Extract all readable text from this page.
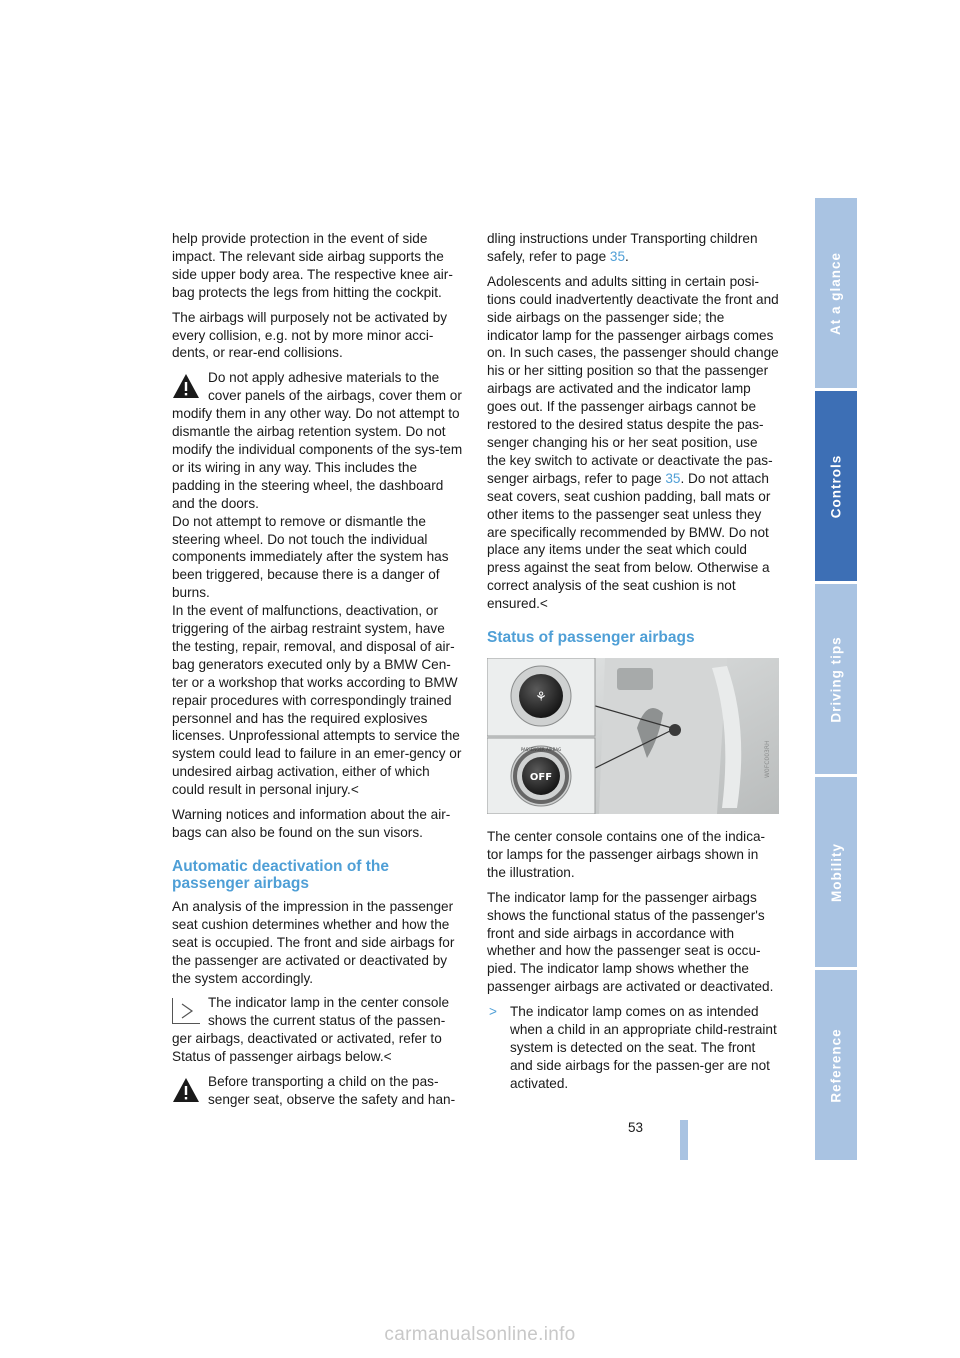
help provide protection in the event of side impact. The relevant side airbag supports the side upper body area. The respective knee air-bag protects the legs from hitting the cockpit.

The airbags will purposely not be activated by every collision, e.g. not by more minor acci-dents, or rear-end collisions.

Do not apply adhesive materials to the cover panels of the airbags, cover them or

modify them in any other way. Do not attempt to dismantle the airbag retention system. Do not modify the individual components of the sys-tem or its wiring in any way. This includes the padding in the steering wheel, the dashboard and the doors.

Do not attempt to remove or dismantle the steering wheel. Do not touch the individual components immediately after the system has been triggered, because there is a danger of burns.

In the event of malfunctions, deactivation, or triggering of the airbag restraint system, have the testing, repair, removal, and disposal of air-bag generators executed only by a BMW Cen-ter or a workshop that works according to BMW repair procedures with correspondingly trained personnel and has the required explosives licenses. Unprofessional attempts to service the system could lead to failure in an emer-gency or undesired airbag activation, either of which could result in personal injury.<

Warning notices and information about the air-bags can also be found on the sun visors.

Automatic deactivation of the passenger airbags

An analysis of the impression in the passenger seat cushion determines whether and how the seat is occupied. The front and side airbags for the passenger are activated or deactivated by the system accordingly.

The indicator lamp in the center console shows the current status of the passen-

ger airbags, deactivated or activated, refer to Status of passenger airbags below.<

Before transporting a child on the pas-senger seat, observe the safety and han-

dling instructions under Transporting children safely, refer to page 35.

Adolescents and adults sitting in certain posi-tions could inadvertently deactivate the front and side airbags on the passenger side; the indicator lamp for the passenger airbags comes on. In such cases, the passenger should change his or her sitting position so that the passenger airbags are activated and the indicator lamp goes out. If the passenger airbags cannot be restored to the desired status despite the pas-senger changing his or her seat position, use the key switch to activate or deactivate the pas-senger airbags, refer to page 35. Do not attach seat covers, seat cushion padding, ball mats or other items to the passenger seat unless they are specifically recommended by BMW. Do not place any items under the seat which could press against the seat from below. Otherwise a correct analysis of the seat cushion is not ensured.<

Status of passenger airbags
⚘
OFF
PASSENGER AIRBAG	W0FC003RH

The center console contains one of the indica-tor lamps for the passenger airbags shown in the illustration.

The indicator lamp for the passenger airbags shows the functional status of the passenger's front and side airbags in accordance with whether and how the passenger seat is occu-pied. The indicator lamp shows whether the passenger airbags are activated or deactivated.

> The indicator lamp comes on as intended when a child in an appropriate child-restraint system is detected on the seat. The front and side airbags for the passen-ger are not activated.

At a glance
Controls
Driving tips
Mobility
Reference
53
carmanualsonline.info
